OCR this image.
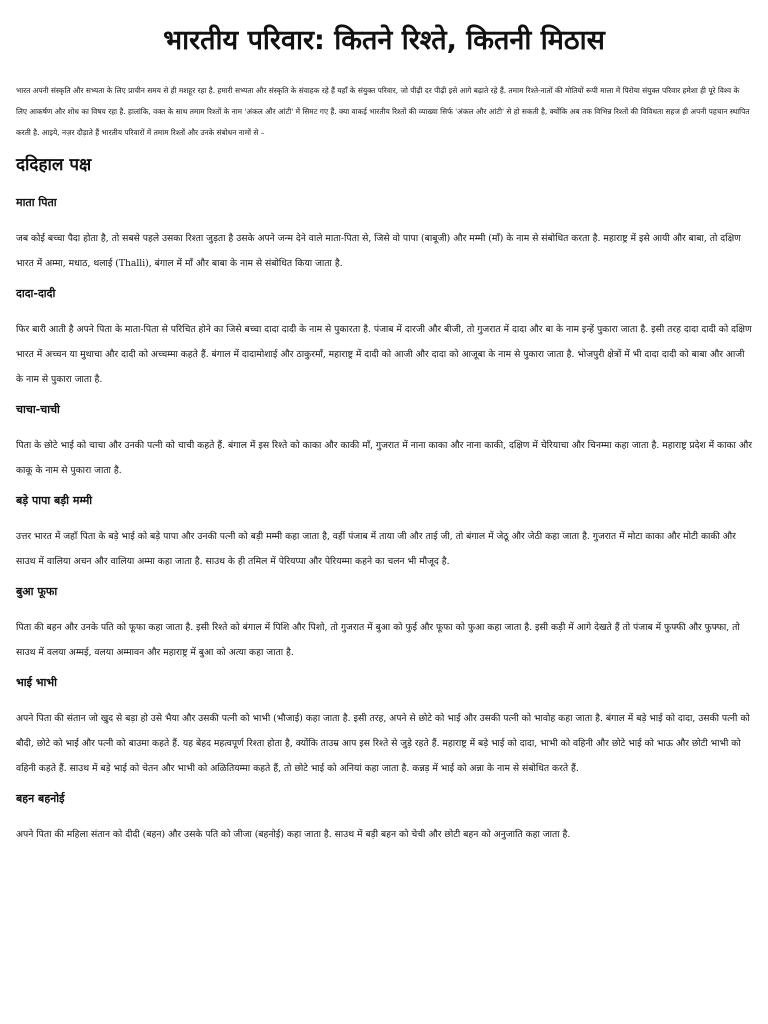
भारतीय परिवार: कितने रिश्ते, कितनी मिठास

भारत अपनी संस्कृति और सभ्यता के लिए प्राचीन समय से ही मशहूर रहा है. हमारी सभ्यता और संस्कृति के संवाहक रहे हैं यहाँ के संयुक्त परिवार, जो पीढ़ी दर पीढ़ी इसे आगे बढ़ाते रहे हैं. तमाम रिश्ते-नातों की मोतियों रूपी माला में पिरोया संयुक्त परिवार हमेशा ही पूरे विश्व के लिए आकर्षण और शोध का विषय रहा है. हालांकि, वक्त के साथ तमाम रिश्तों के नाम 'अंकल और आंटी' में सिमट गए हैं. क्या वाकई भारतीय रिश्तों की व्याख्या सिर्फ 'अंकल और आंटी' से हो सकती है, क्योंकि अब तक विभिन्न रिश्तों की विविधता सहज ही अपनी पहचान स्थापित करती है. आइये, नज़र दौड़ाते हैं भारतीय परिवारों में तमाम रिश्तों और उनके संबोधन नामों से –

ददिहाल पक्ष
माता पिता

जब कोई बच्चा पैदा होता है, तो सबसे पहले उसका रिश्ता जुड़ता है उसके अपने जन्म देने वाले माता-पिता से, जिसे वो पापा (बाबूजी) और मम्मी (माँ) के नाम से संबोधित करता है. महाराष्ट्र में इसे आयी और बाबा, तो दक्षिण भारत में अम्मा, मधाठ, थलाई (Thalli), बंगाल में माँ और बाबा के नाम से संबोधित किया जाता है.

दादा-दादी

फिर बारी आती है अपने पिता के माता-पिता से परिचित होने का जिसे बच्चा दादा दादी के नाम से पुकारता है. पंजाब में दारजी और बीजी, तो गुजरात में दादा और बा के नाम इन्हें पुकारा जाता है. इसी तरह दादा दादी को दक्षिण भारत में अच्चन या मुथाचा और दादी को अच्चम्मा कहते हैं. बंगाल में दादामोशाई और ठाकुरमाँ, महाराष्ट्र में दादी को आजी और दादा को आजूबा के नाम से पुकारा जाता है. भोजपुरी क्षेत्रों में भी दादा दादी को बाबा और आजी के नाम से पुकारा जाता है.

चाचा-चाची

पिता के छोटे भाई को चाचा और उनकी पत्नी को चाची कहते हैं. बंगाल में इस रिश्ते को काका और काकी माँ, गुजरात में नाना काका और नाना काकी, दक्षिण में चेरियाचा और चिनम्मा कहा जाता है. महाराष्ट्र प्रदेश में काका और काकू के नाम से पुकारा जाता है.

बड़े पापा बड़ी मम्मी

उत्तर भारत में जहाँ पिता के बड़े भाई को बड़े पापा और उनकी पत्नी को बड़ी मम्मी कहा जाता है, वहीं पंजाब में ताया जी और ताई जी, तो बंगाल में जेठू और जेठी कहा जाता है. गुजरात में मोटा काका और मोटी काकी और साउथ में वालिया अचन और वालिया अम्मा कहा जाता है. साउथ के ही तमिल में पेरियप्पा और पेरियम्मा कहने का चलन भी मौजूद है.

बुआ फूफा

पिता की बहन और उनके पति को फूफा कहा जाता है. इसी रिश्ते को बंगाल में पिशि और पिशो, तो गुजरात में बुआ को फुई और फूफा को फुआ कहा जाता है. इसी कड़ी में आगे देखते हैं तो पंजाब में फुफ्फी और फुफ्फा, तो साउथ में वलया अम्मई, वलया अम्मावन और महाराष्ट्र में बुआ को अत्या कहा जाता है.

भाई भाभी

अपने पिता की संतान जो खुद से बड़ा हो उसे भैया और उसकी पत्नी को भाभी (भौजाई) कहा जाता है. इसी तरह, अपने से छोटे को भाई और उसकी पत्नी को भावोह कहा जाता है. बंगाल में बड़े भाई को दादा, उसकी पत्नी को बौदी, छोटे को भाई और पत्नी को बाउमा कहते हैं. यह बेहद महत्वपूर्ण रिश्ता होता है, क्योंकि ताउम्र आप इस रिश्ते से जुड़े रहते हैं. महाराष्ट्र में बड़े भाई को दादा, भाभी को वहिनी और छोटे भाई को भाऊ और छोटी भाभी को वहिनी कहते हैं. साउथ में बड़े भाई को चेतन और भाभी को अळितियम्मा कहते हैं, तो छोटे भाई को अनियां कहा जाता है. कन्नड़ में भाई को अन्ना के नाम से संबोधित करते हैं.

बहन बहनोई

अपने पिता की महिला संतान को दीदी (बहन) और उसके पति को जीजा (बहनोई) कहा जाता है. साउथ में बड़ी बहन को चेची और छोटी बहन को अनुजाति कहा जाता है.
